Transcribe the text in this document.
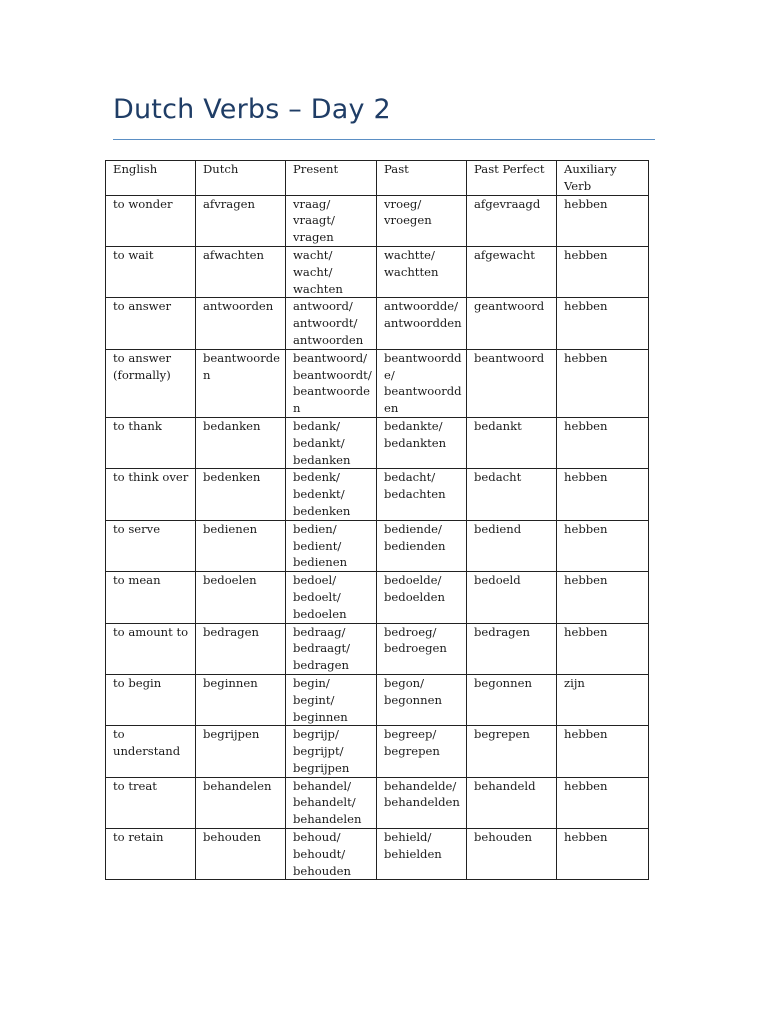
Dutch Verbs – Day 2
English	Dutch	Present	Past	Past Perfect	Auxiliary Verb
to wonder	afvragen	vraag/ vraagt/ vragen	vroeg/ vroegen	afgevraagd	hebben
to wait	afwachten	wacht/ wacht/ wachten	wachtte/ wachtten	afgewacht	hebben
to answer	antwoorden	antwoord/ antwoordt/ antwoorden	antwoordde/ antwoordden	geantwoord	hebben
to answer (formally)	beantwoorden	beantwoord/ beantwoordt/ beantwoorden	beantwoordde/ beantwoordden	beantwoord	hebben
to thank	bedanken	bedank/ bedankt/ bedanken	bedankte/ bedankten	bedankt	hebben
to think over	bedenken	bedenk/ bedenkt/ bedenken	bedacht/ bedachten	bedacht	hebben
to serve	bedienen	bedien/ bedient/ bedienen	bediende/ bedienden	bediend	hebben
to mean	bedoelen	bedoel/ bedoelt/ bedoelen	bedoelde/ bedoelden	bedoeld	hebben
to amount to	bedragen	bedraag/ bedraagt/ bedragen	bedroeg/ bedroegen	bedragen	hebben
to begin	beginnen	begin/ begint/ beginnen	begon/ begonnen	begonnen	zijn
to understand	begrijpen	begrijp/ begrijpt/ begrijpen	begreep/ begrepen	begrepen	hebben
to treat	behandelen	behandel/ behandelt/ behandelen	behandelde/ behandelden	behandeld	hebben
to retain	behouden	behoud/ behoudt/ behouden	behield/ behielden	behouden	hebben
